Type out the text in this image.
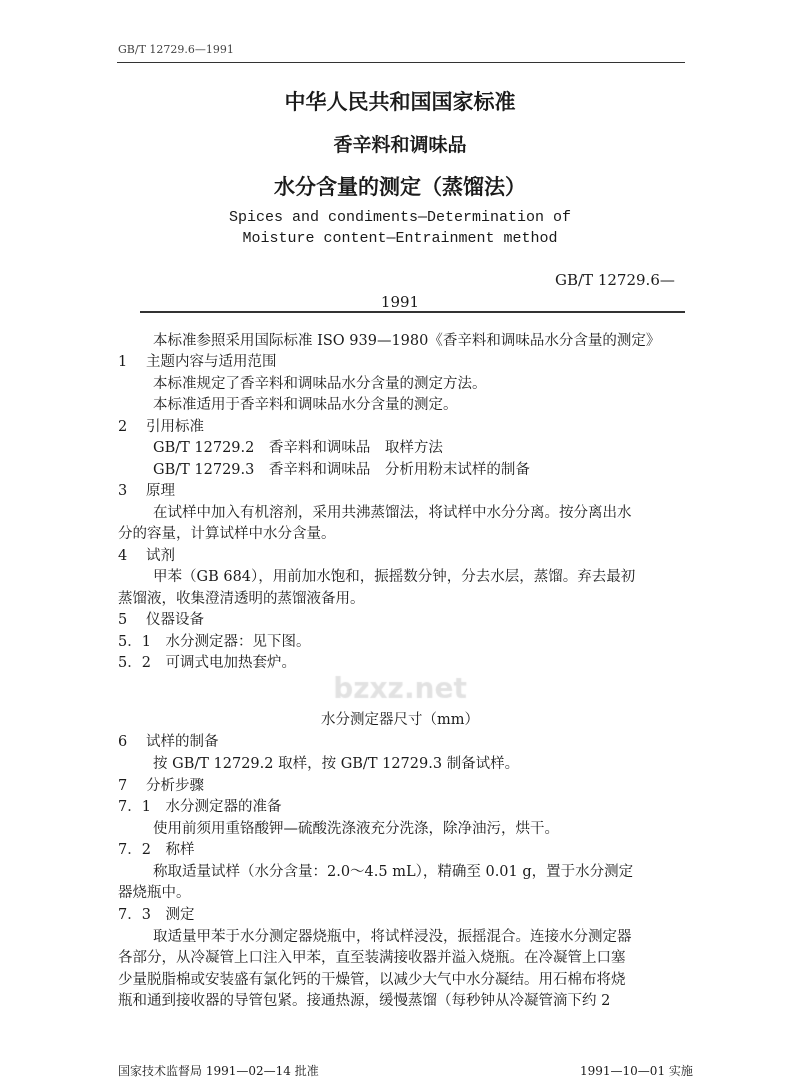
GB/T 12729.6—1991
中华人民共和国国家标准
香辛料和调味品
水分含量的测定（蒸馏法）
Spices and condiments—Determination of
Moisture content—Entrainment method
GB/T 12729.6—
1991
本标准参照采用国际标准 ISO 939—1980《香辛料和调味品水分含量的测定》
1 主题内容与适用范围
本标准规定了香辛料和调味品水分含量的测定方法。
本标准适用于香辛料和调味品水分含量的测定。
2 引用标准
GB/T 12729.2　香辛料和调味品　取样方法
GB/T 12729.3　香辛料和调味品　分析用粉末试样的制备
3 原理
在试样中加入有机溶剂，采用共沸蒸馏法，将试样中水分分离。按分离出水
分的容量，计算试样中水分含量。
4 试剂
甲苯（GB 684），用前加水饱和，振摇数分钟，分去水层，蒸馏。弃去最初
蒸馏液，收集澄清透明的蒸馏液备用。
5 仪器设备
5．1　水分测定器：见下图。
5．2　可调式电加热套炉。
水分测定器尺寸（mm）
6 试样的制备
按 GB/T 12729.2 取样，按 GB/T 12729.3 制备试样。
7 分析步骤
7．1　水分测定器的准备
使用前须用重铬酸钾—硫酸洗涤液充分洗涤，除净油污，烘干。
7．2　称样
称取适量试样（水分含量：2.0～4.5 mL），精确至 0.01 g，置于水分测定
器烧瓶中。
7．3　测定
取适量甲苯于水分测定器烧瓶中，将试样浸没，振摇混合。连接水分测定器
各部分，从冷凝管上口注入甲苯，直至装满接收器并溢入烧瓶。在冷凝管上口塞
少量脱脂棉或安装盛有氯化钙的干燥管，以减少大气中水分凝结。用石棉布将烧
瓶和通到接收器的导管包紧。接通热源，缓慢蒸馏（每秒钟从冷凝管滴下约 2
国家技术监督局 1991—02—14 批准	1991—10—01 实施
